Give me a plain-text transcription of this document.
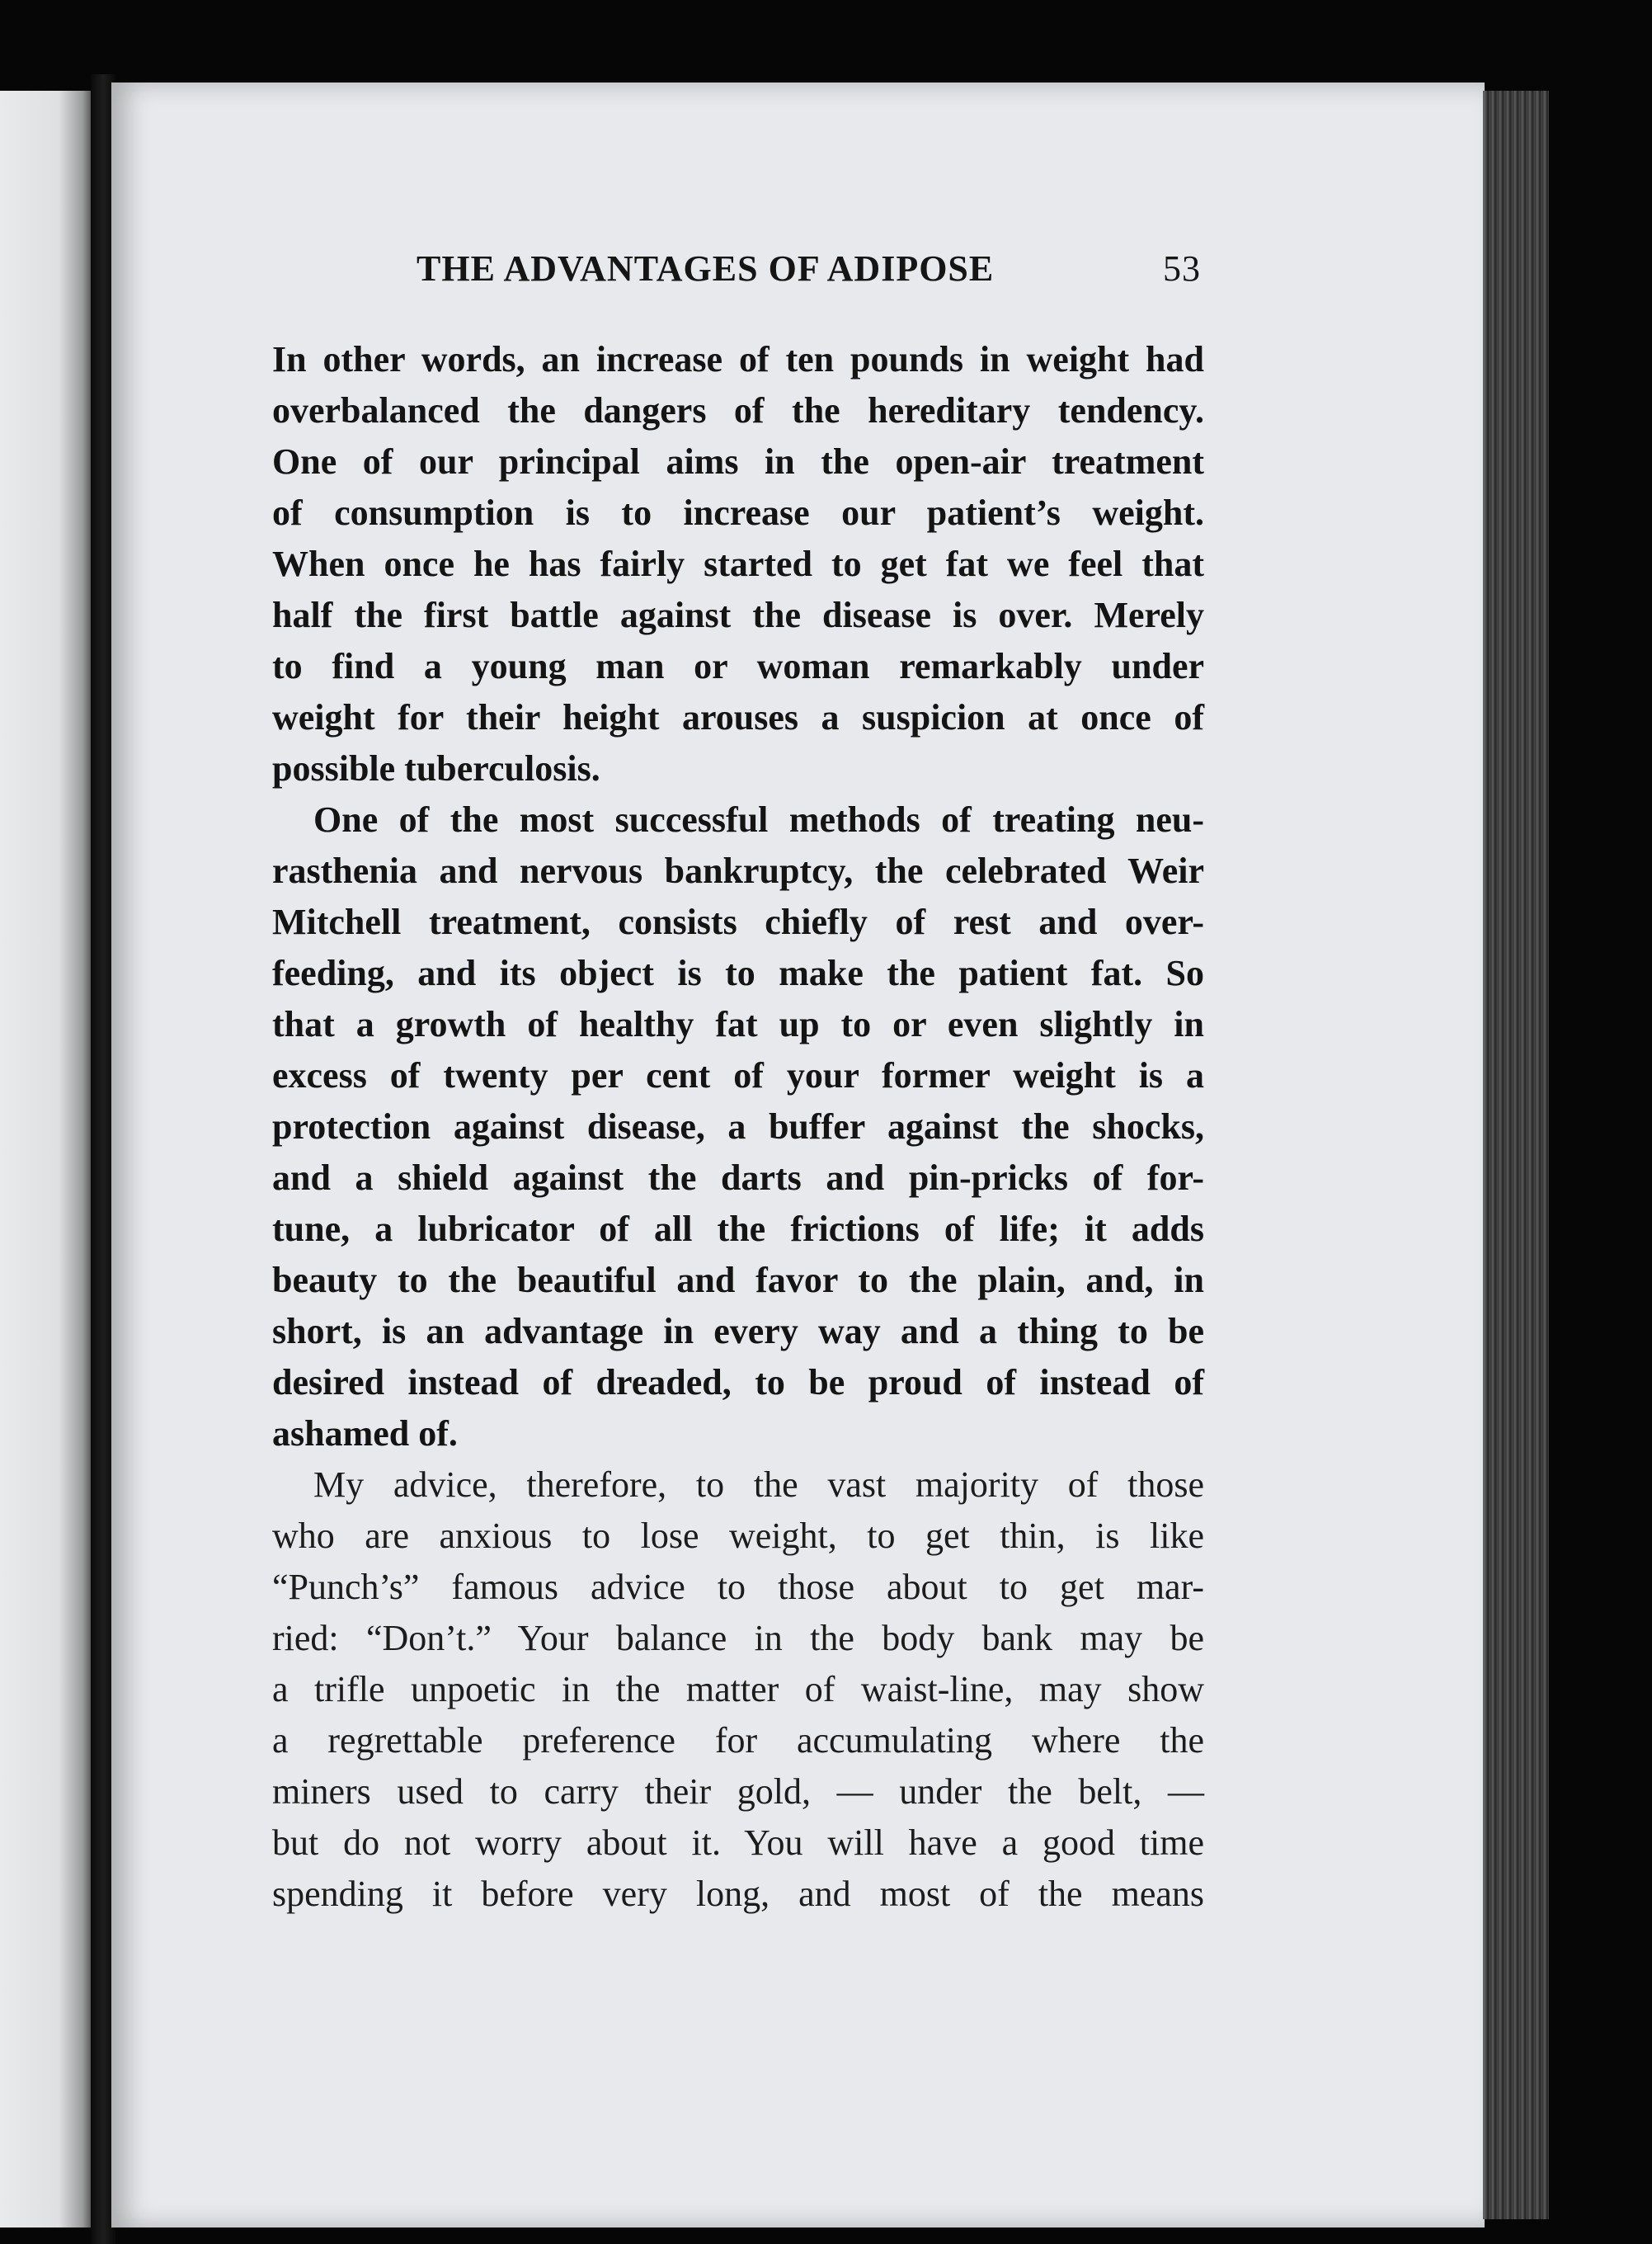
THE ADVANTAGES OF ADIPOSE	53
In other words, an increase of ten pounds in weight had
overbalanced the dangers of the hereditary tendency.
One of our principal aims in the open-air treatment
of consumption is to increase our patient’s weight.
When once he has fairly started to get fat we feel that
half the first battle against the disease is over. Merely
to find a young man or woman remarkably under
weight for their height arouses a suspicion at once of
possible tuberculosis.
One of the most successful methods of treating neu-
rasthenia and nervous bankruptcy, the celebrated Weir
Mitchell treatment, consists chiefly of rest and over-
feeding, and its object is to make the patient fat. So
that a growth of healthy fat up to or even slightly in
excess of twenty per cent of your former weight is a
protection against disease, a buffer against the shocks,
and a shield against the darts and pin-pricks of for-
tune, a lubricator of all the frictions of life; it adds
beauty to the beautiful and favor to the plain, and, in
short, is an advantage in every way and a thing to be
desired instead of dreaded, to be proud of instead of
ashamed of.
My advice, therefore, to the vast majority of those
who are anxious to lose weight, to get thin, is like
“Punch’s” famous advice to those about to get mar-
ried: “Don’t.” Your balance in the body bank may be
a trifle unpoetic in the matter of waist-line, may show
a regrettable preference for accumulating where the
miners used to carry their gold, — under the belt, —
but do not worry about it. You will have a good time
spending it before very long, and most of the means
